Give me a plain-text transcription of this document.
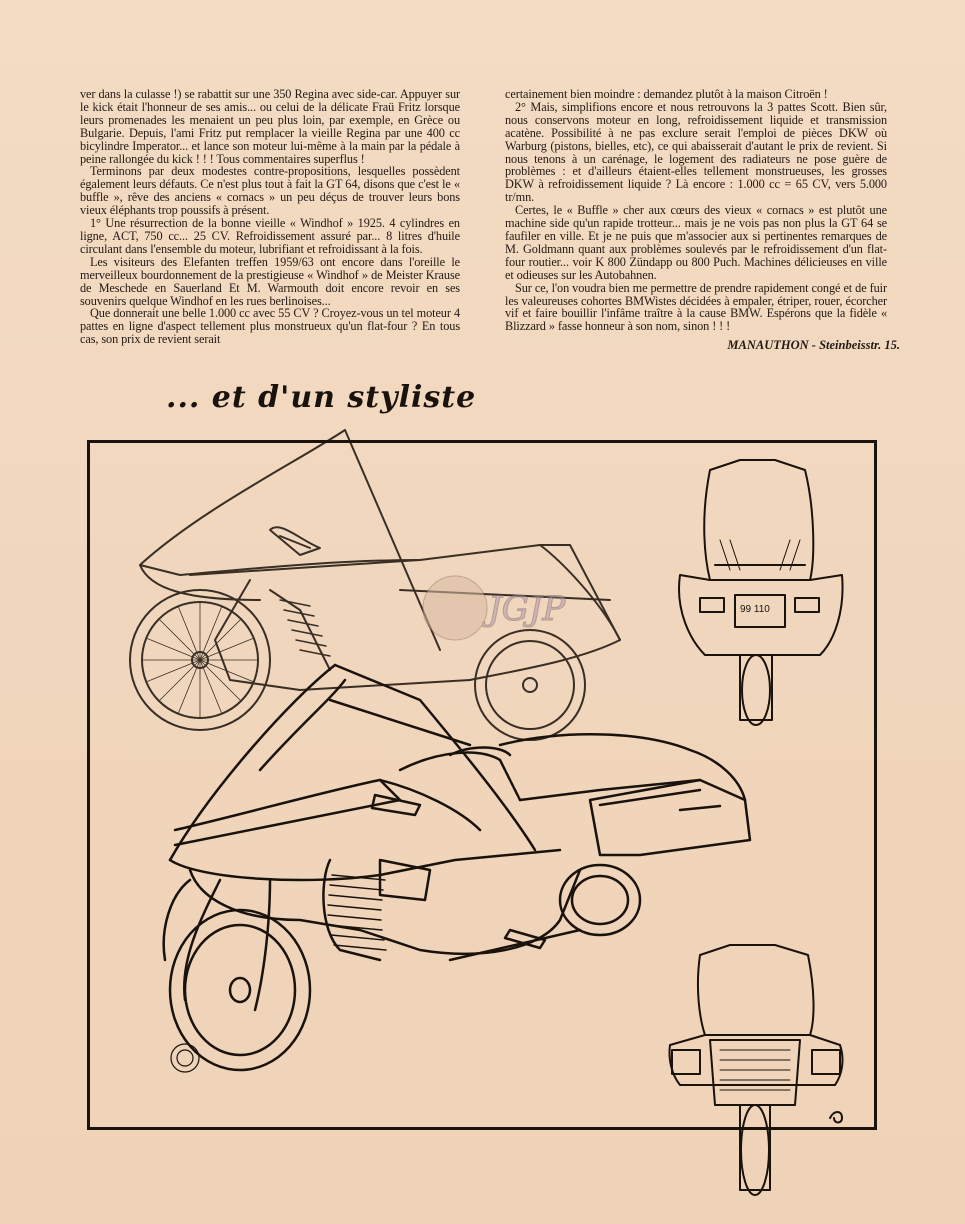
ver dans la culasse !) se rabattit sur une 350 Regina avec side-car. Appuyer sur le kick était l'honneur de ses amis... ou celui de la délicate Fraü Fritz lorsque leurs promenades les menaient un peu plus loin, par exemple, en Grèce ou Bulgarie. Depuis, l'ami Fritz put remplacer la vieille Regina par une 400 cc bicylindre Imperator... et lance son moteur lui-même à la main par la pédale à peine rallongée du kick ! ! ! Tous commentaires superflus !

Terminons par deux modestes contre-propositions, lesquelles possèdent également leurs défauts. Ce n'est plus tout à fait la GT 64, disons que c'est le « buffle », rêve des anciens « cornacs » un peu déçus de trouver leurs bons vieux éléphants trop poussifs à présent.

1° Une résurrection de la bonne vieille « Windhof » 1925. 4 cylindres en ligne, ACT, 750 cc... 25 CV. Refroidissement assuré par... 8 litres d'huile circulant dans l'ensemble du moteur, lubrifiant et refroidissant à la fois.

Les visiteurs des Elefanten treffen 1959/63 ont encore dans l'oreille le merveilleux bourdonnement de la prestigieuse « Windhof » de Meister Krause de Meschede en Sauerland Et M. Warmouth doit encore revoir en ses souvenirs quelque Windhof en les rues berlinoises...

Que donnerait une belle 1.000 cc avec 55 CV ? Croyez-vous un tel moteur 4 pattes en ligne d'aspect tellement plus monstrueux qu'un flat-four ? En tous cas, son prix de revient serait

certainement bien moindre : demandez plutôt à la maison Citroën !

2° Mais, simplifions encore et nous retrouvons la 3 pattes Scott. Bien sûr, nous conservons moteur en long, refroidissement liquide et transmission acatène. Possibilité à ne pas exclure serait l'emploi de pièces DKW où Warburg (pistons, bielles, etc), ce qui abaisserait d'autant le prix de revient. Si nous tenons à un carénage, le logement des radiateurs ne pose guère de problèmes : et d'ailleurs étaient-elles tellement monstrueuses, les grosses DKW à refroidissement liquide ? Là encore : 1.000 cc = 65 CV, vers 5.000 tr/mn.

Certes, le « Buffle » cher aux cœurs des vieux « cornacs » est plutôt une machine side qu'un rapide trotteur... mais je ne vois pas non plus la GT 64 se faufiler en ville. Et je ne puis que m'associer aux si pertinentes remarques de M. Goldmann quant aux problèmes soulevés par le refroidissement d'un flat-four routier... voir K 800 Zündapp ou 800 Puch. Machines délicieuses en ville et odieuses sur les Autobahnen.

Sur ce, l'on voudra bien me permettre de prendre rapidement congé et de fuir les valeureuses cohortes BMWistes décidées à empaler, étriper, rouer, écorcher vif et faire bouillir l'infâme traître à la cause BMW. Espérons que la fidèle « Blizzard » fasse honneur à son nom, sinon ! ! !

MANAUTHON - Steinbeisstr. 15.
... et d'un styliste
99 110
JGJP
